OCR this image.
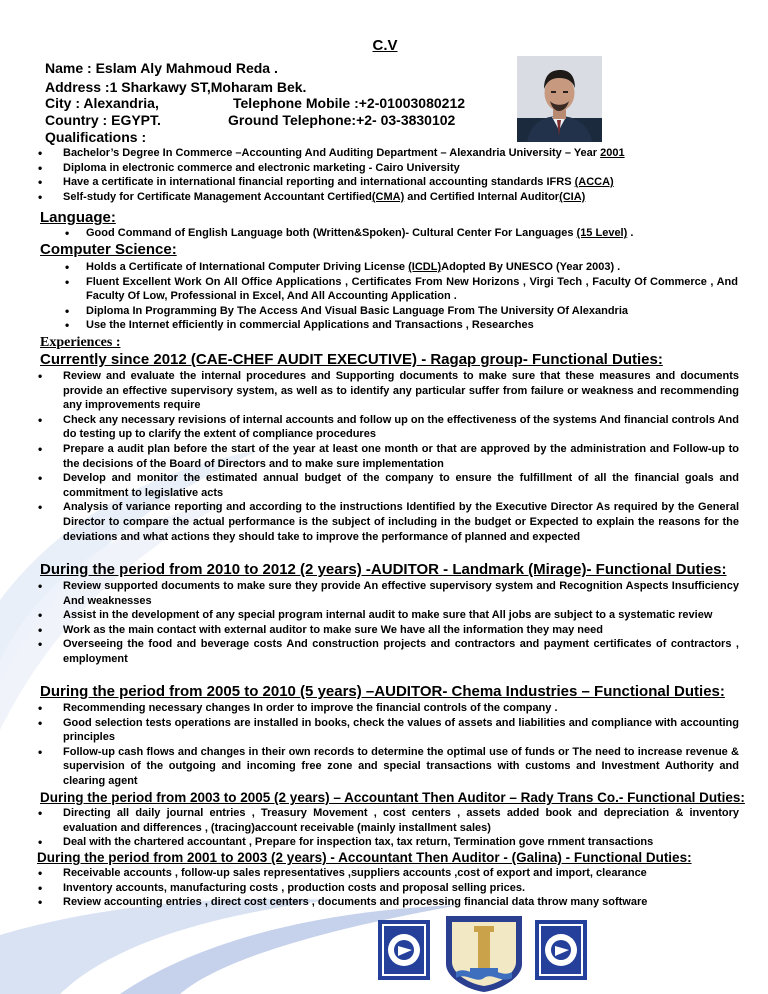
C.V
Name : Eslam Aly Mahmoud Reda .
Address :1 Sharkawy ST,Moharam Bek.
City : Alexandria,	Telephone Mobile :+2-01003080212
Country : EGYPT.	Ground Telephone:+2- 03-3830102
Qualifications :
• Bachelor’s Degree In Commerce –Accounting And Auditing Department – Alexandria University – Year 2001
• Diploma in electronic commerce and electronic marketing - Cairo University
• Have a certificate in international financial reporting and international accounting standards IFRS (ACCA)
• Self-study for Certificate Management Accountant Certified(CMA) and Certified Internal Auditor(CIA)
Language:
• Good Command of English Language both (Written&Spoken)- Cultural Center For Languages (15 Level) .
Computer Science:
• Holds a Certificate of International Computer Driving License (ICDL)Adopted By UNESCO (Year 2003) .
• Fluent Excellent Work On All Office Applications , Certificates From New Horizons , Virgi Tech , Faculty Of Commerce , And Faculty Of Low, Professional in Excel, And All Accounting Application .
• Diploma In Programming By The Access And Visual Basic Language From The University Of Alexandria
• Use the Internet efficiently in commercial Applications and Transactions , Researches
Experiences :
Currently since 2012 (CAE-CHEF AUDIT EXECUTIVE) - Ragap group- Functional Duties:
• Review and evaluate the internal procedures and Supporting documents to make sure that these measures and documents provide an effective supervisory system, as well as to identify any particular suffer from failure or weakness and recommending any improvements require
• Check any necessary revisions of internal accounts and follow up on the effectiveness of the systems And financial controls And do testing up to clarify the extent of compliance procedures
• Prepare a audit plan before the start of the year at least one month or that are approved by the administration and Follow-up to the decisions of the Board of Directors and to make sure implementation
• Develop and monitor the estimated annual budget of the company to ensure the fulfillment of all the financial goals and commitment to legislative acts
• Analysis of variance reporting and according to the instructions Identified by the Executive Director As required by the General Director to compare the actual performance is the subject of including in the budget or Expected to explain the reasons for the deviations and what actions they should take to improve the performance of planned and expected
During the period from 2010 to 2012 (2 years) -AUDITOR - Landmark (Mirage)- Functional Duties:
• Review supported documents to make sure they provide An effective supervisory system and Recognition Aspects Insufficiency And weaknesses
• Assist in the development of any special program internal audit to make sure that All jobs are subject to a systematic review
• Work as the main contact with external auditor to make sure We have all the information they may need
• Overseeing the food and beverage costs And construction projects and contractors and payment certificates of contractors , employment
During the period from 2005 to 2010 (5 years) –AUDITOR- Chema Industries – Functional Duties:
• Recommending necessary changes In order to improve the financial controls of the company .
• Good selection tests operations are installed in books, check the values of assets and liabilities and compliance with accounting principles
• Follow-up cash flows and changes in their own records to determine the optimal use of funds or The need to increase revenue & supervision of the outgoing and incoming free zone and special transactions with customs and Investment Authority and clearing agent
During the period from 2003 to 2005 (2 years) – Accountant Then Auditor – Rady Trans Co.- Functional Duties:
• Directing all daily journal entries , Treasury Movement , cost centers , assets added book and depreciation & inventory evaluation and differences , (tracing)account receivable (mainly installment sales)
• Deal with the chartered accountant , Prepare for inspection tax, tax return, Termination gove rnment transactions
During the period from 2001 to 2003 (2 years) - Accountant Then Auditor - (Galina) - Functional Duties:
• Receivable accounts , follow-up sales representatives ,suppliers accounts ,cost of export and import, clearance
• Inventory accounts, manufacturing costs , production costs and proposal selling prices.
• Review accounting entries , direct cost centers , documents and processing financial data throw many software
